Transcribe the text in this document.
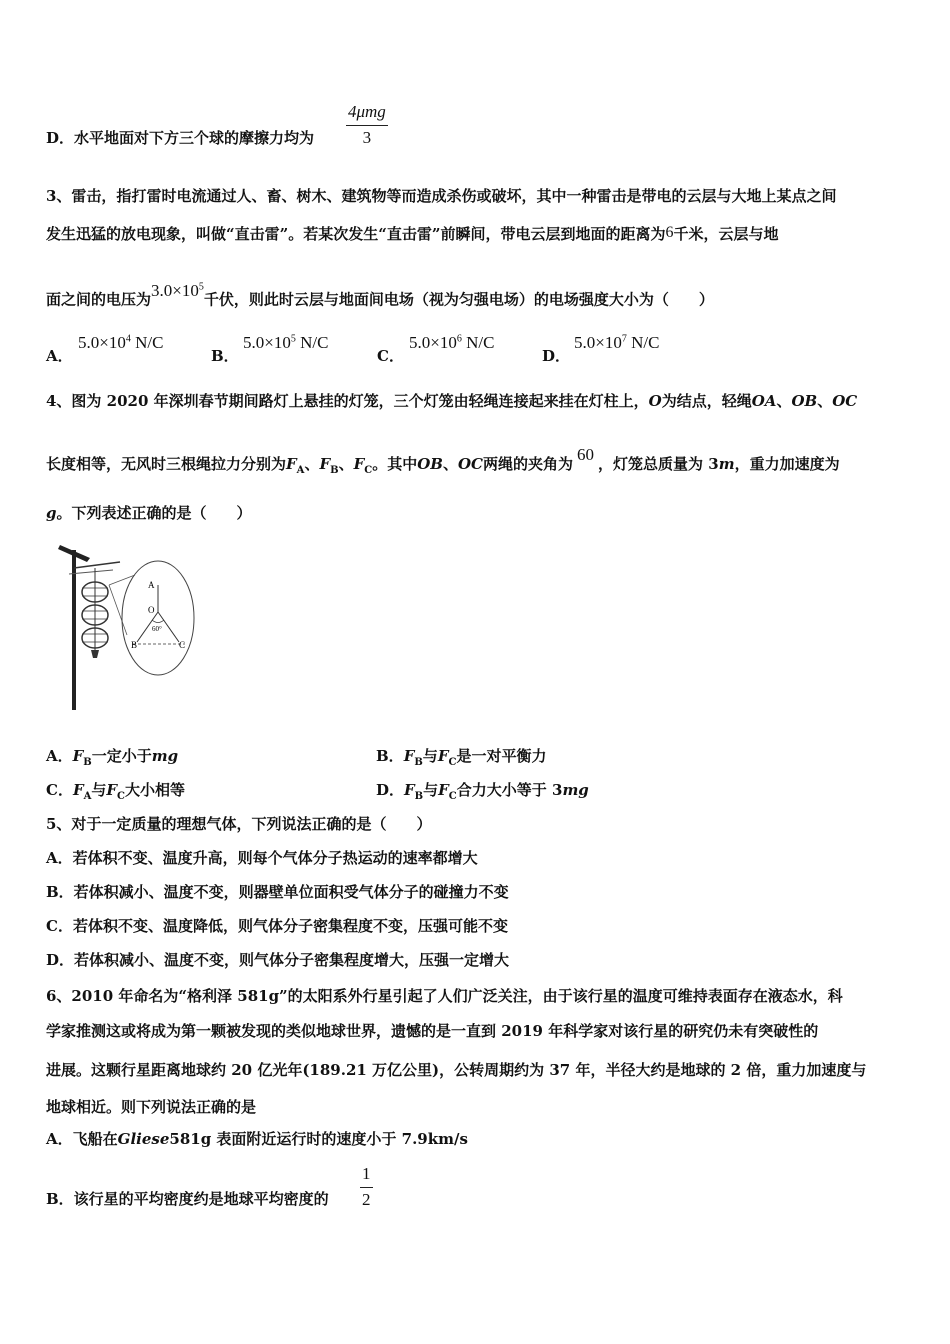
D．水平地面对下方三个球的摩擦力均为
4μmg
3
3、雷击，指打雷时电流通过人、畜、树木、建筑物等而造成杀伤或破坏，其中一种雷击是带电的云层与大地上某点之间
发生迅猛的放电现象，叫做“直击雷”。若某次发生“直击雷”前瞬间，带电云层到地面的距离为6千米，云层与地
面之间的电压为$3.0\times 10^5$千伏，则此时云层与地面间电场（视为匀强电场）的电场强度大小为（　　）
A．
$5.0\times 10^4$ N/C
B．
$5.0\times 10^5$ N/C
C．
$5.0\times 10^6$ N/C
D．
$5.0\times 10^7$ N/C
4、图为 2020 年深圳春节期间路灯上悬挂的灯笼，三个灯笼由轻绳连接起来挂在灯柱上，O为结点，轻绳OA、OB、OC
长度相等，无风时三根绳拉力分别为$F_A$、$F_B$、$F_C$。其中OB、OC两绳的夹角为 60 ，灯笼总质量为 3m，重力加速度为
g。下列表述正确的是（　　）
A
O
60°
B	C
A．$F_B$一定小于mg	B．$F_B$与$F_C$是一对平衡力
C．$F_A$与$F_C$大小相等	D．$F_B$与$F_C$合力大小等于 3mg
5、对于一定质量的理想气体，下列说法正确的是（　　）
A．若体积不变、温度升高，则每个气体分子热运动的速率都增大
B．若体积减小、温度不变，则器壁单位面积受气体分子的碰撞力不变
C．若体积不变、温度降低，则气体分子密集程度不变，压强可能不变
D．若体积减小、温度不变，则气体分子密集程度增大，压强一定增大
6、2010 年命名为“格利泽 581g”的太阳系外行星引起了人们广泛关注，由于该行星的温度可维持表面存在液态水，科
学家推测这或将成为第一颗被发现的类似地球世界，遗憾的是一直到 2019 年科学家对该行星的研究仍未有突破性的
进展。这颗行星距离地球约 20 亿光年(189.21 万亿公里)，公转周期约为 37 年，半径大约是地球的 2 倍，重力加速度与
地球相近。则下列说法正确的是
A．飞船在Gliese581g 表面附近运行时的速度小于 7.9km/s
B．该行星的平均密度约是地球平均密度的 $\frac{1}{2}$
